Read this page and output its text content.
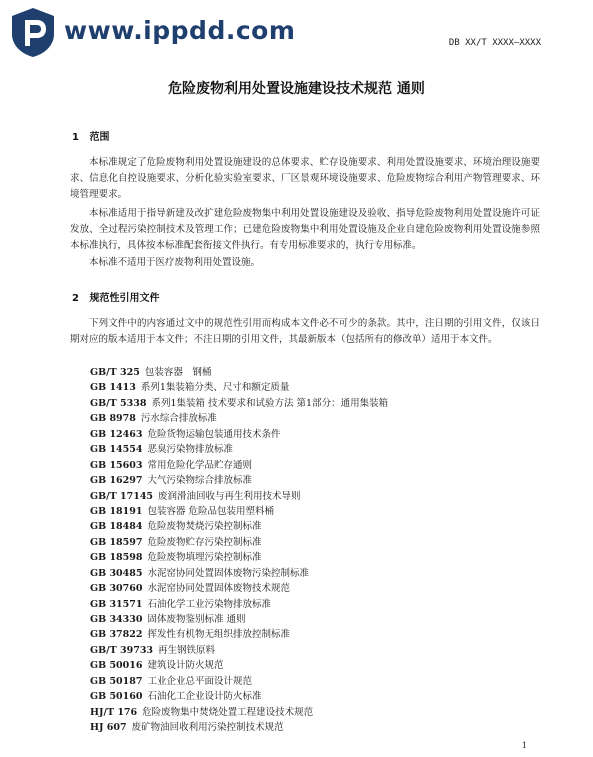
www.ippdd.com	DB XX/T XXXX—XXXX
危险废物利用处置设施建设技术规范 通则
1 范围

本标准规定了危险废物利用处置设施建设的总体要求、贮存设施要求、利用处置设施要求、环境治理设施要求、信息化自控设施要求、分析化验实验室要求、厂区景观环境设施要求、危险废物综合利用产物管理要求、环境管理要求。

本标准适用于指导新建及改扩建危险废物集中利用处置设施建设及验收、指导危险废物利用处置设施许可证发放、全过程污染控制技术及管理工作；已建危险废物集中利用处置设施及企业自建危险废物利用处置设施参照本标准执行，具体按本标准配套衔接文件执行。有专用标准要求的，执行专用标准。

本标准不适用于医疗废物利用处置设施。

2 规范性引用文件

下列文件中的内容通过文中的规范性引用而构成本文件必不可少的条款。其中，注日期的引用文件，仅该日期对应的版本适用于本文件；不注日期的引用文件，其最新版本（包括所有的修改单）适用于本文件。

GB/T 325 包装容器　钢桶
GB 1413 系列1集装箱分类、尺寸和额定质量
GB/T 5338 系列1集装箱 技术要求和试验方法 第1部分：通用集装箱
GB 8978 污水综合排放标准
GB 12463 危险货物运输包装通用技术条件
GB 14554 恶臭污染物排放标准
GB 15603 常用危险化学品贮存通则
GB 16297 大气污染物综合排放标准
GB/T 17145 废润滑油回收与再生利用技术导则
GB 18191 包装容器 危险品包装用塑料桶
GB 18484 危险废物焚烧污染控制标准
GB 18597 危险废物贮存污染控制标准
GB 18598 危险废物填埋污染控制标准
GB 30485 水泥窑协同处置固体废物污染控制标准
GB 30760 水泥窑协同处置固体废物技术规范
GB 31571 石油化学工业污染物排放标准
GB 34330 固体废物鉴别标准 通则
GB 37822 挥发性有机物无组织排放控制标准
GB/T 39733 再生钢铁原料
GB 50016 建筑设计防火规范
GB 50187 工业企业总平面设计规范
GB 50160 石油化工企业设计防火标准
HJ/T 176 危险废物集中焚烧处置工程建设技术规范
HJ 607 废矿物油回收利用污染控制技术规范
1
